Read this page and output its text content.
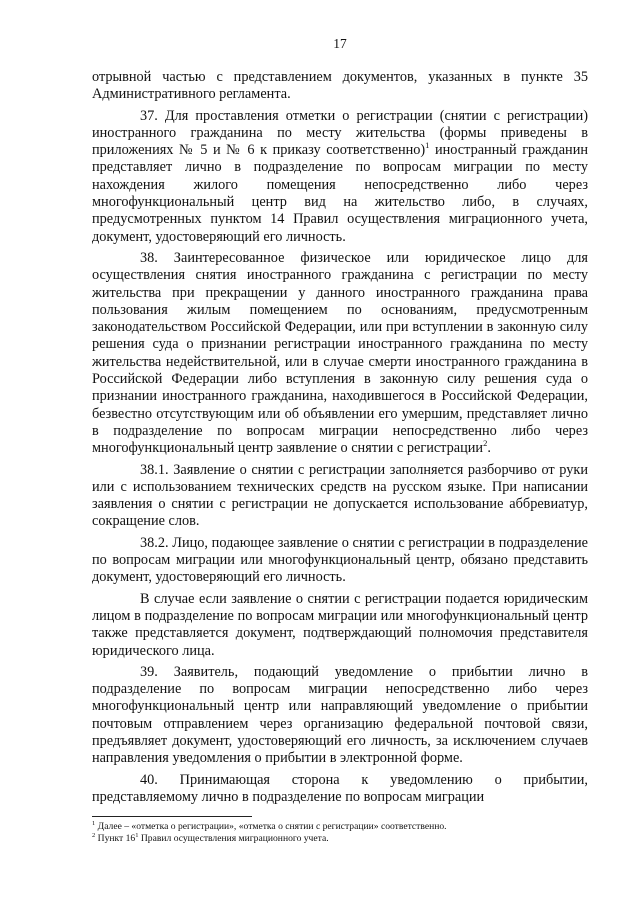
17

отрывной частью с представлением документов, указанных в пункте 35 Административного регламента.

37. Для проставления отметки о регистрации (снятии с регистрации) иностранного гражданина по месту жительства (формы приведены в приложениях № 5 и № 6 к приказу соответственно)$^1$ иностранный гражданин представляет лично в подразделение по вопросам миграции по месту нахождения жилого помещения непосредственно либо через многофункциональный центр вид на жительство либо, в случаях, предусмотренных пунктом 14 Правил осуществления миграционного учета, документ, удостоверяющий его личность.

38. Заинтересованное физическое или юридическое лицо для осуществления снятия иностранного гражданина с регистрации по месту жительства при прекращении у данного иностранного гражданина права пользования жилым помещением по основаниям, предусмотренным законодательством Российской Федерации, или при вступлении в законную силу решения суда о признании регистрации иностранного гражданина по месту жительства недействительной, или в случае смерти иностранного гражданина в Российской Федерации либо вступления в законную силу решения суда о признании иностранного гражданина, находившегося в Российской Федерации, безвестно отсутствующим или об объявлении его умершим, представляет лично в подразделение по вопросам миграции непосредственно либо через многофункциональный центр заявление о снятии с регистрации$^2$.

38.1. Заявление о снятии с регистрации заполняется разборчиво от руки или с использованием технических средств на русском языке. При написании заявления о снятии с регистрации не допускается использование аббревиатур, сокращение слов.

38.2. Лицо, подающее заявление о снятии с регистрации в подразделение по вопросам миграции или многофункциональный центр, обязано представить документ, удостоверяющий его личность.

В случае если заявление о снятии с регистрации подается юридическим лицом в подразделение по вопросам миграции или многофункциональный центр также представляется документ, подтверждающий полномочия представителя юридического лица.

39. Заявитель, подающий уведомление о прибытии лично в подразделение по вопросам миграции непосредственно либо через многофункциональный центр или направляющий уведомление о прибытии почтовым отправлением через организацию федеральной почтовой связи, предъявляет документ, удостоверяющий его личность, за исключением случаев направления уведомления о прибытии в электронной форме.

40. Принимающая сторона к уведомлению о прибытии, представляемому лично в подразделение по вопросам миграции

$^1$ Далее – «отметка о регистрации», «отметка о снятии с регистрации» соответственно.

$^2$ Пункт $16^1$ Правил осуществления миграционного учета.
